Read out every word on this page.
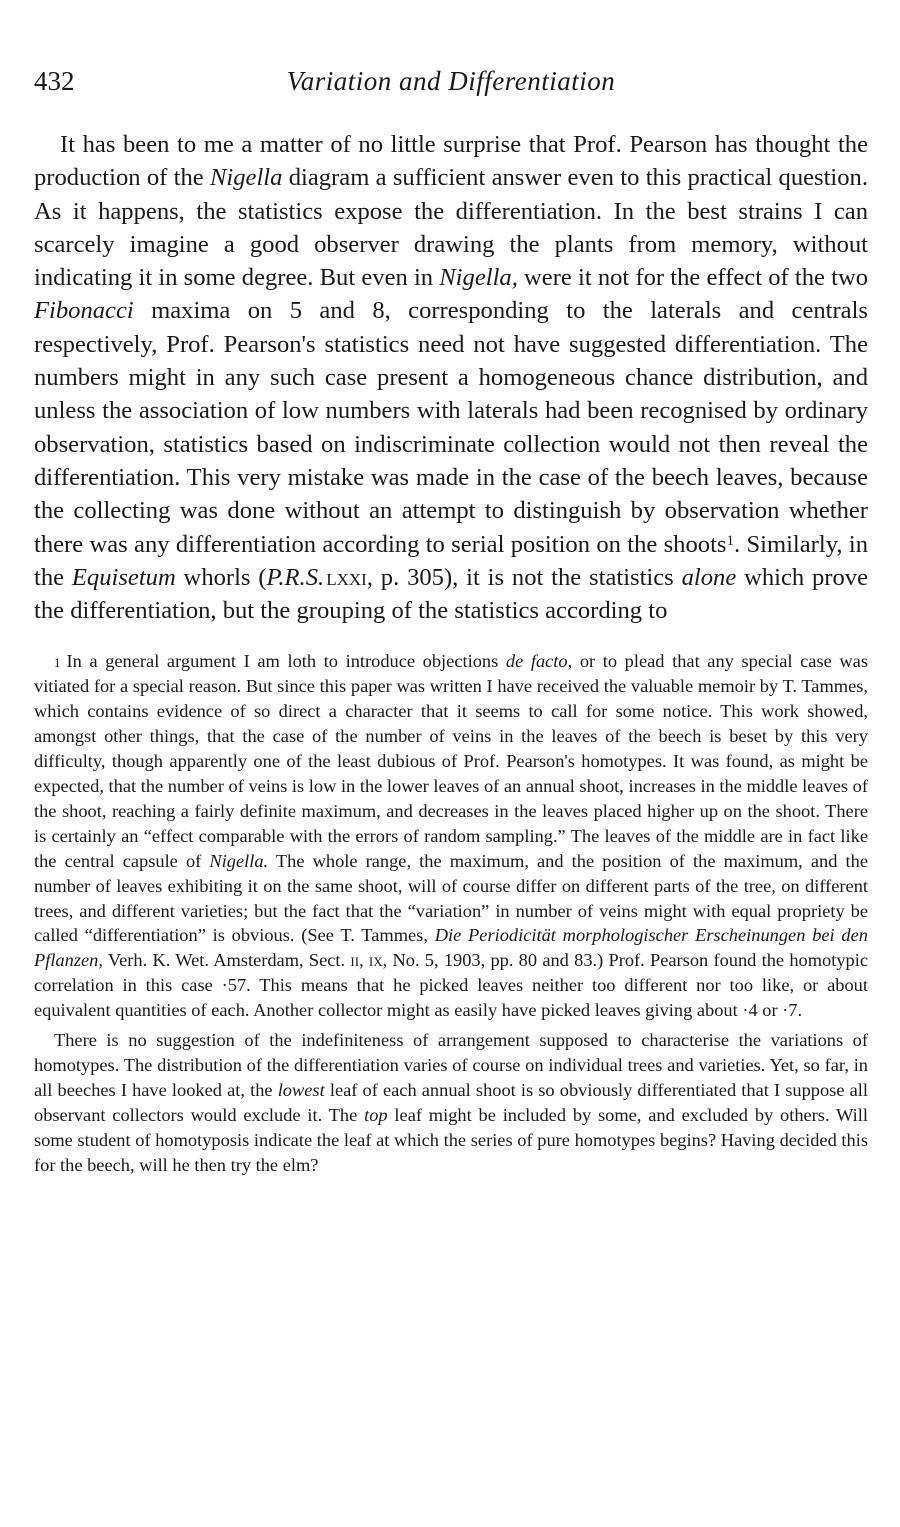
432	Variation and Differentiation

It has been to me a matter of no little surprise that Prof. Pearson has thought the production of the Nigella diagram a sufficient answer even to this practical question. As it happens, the statistics expose the differentiation. In the best strains I can scarcely imagine a good observer drawing the plants from memory, without indicating it in some degree. But even in Nigella, were it not for the effect of the two Fibonacci maxima on 5 and 8, corresponding to the laterals and centrals respectively, Prof. Pearson's statistics need not have suggested differentiation. The numbers might in any such case present a homogeneous chance distribution, and unless the association of low numbers with laterals had been recognised by ordinary observation, statistics based on indiscriminate collection would not then reveal the differentiation. This very mistake was made in the case of the beech leaves, because the collecting was done without an attempt to distinguish by observation whether there was any differentiation according to serial position on the shoots$^1$. Similarly, in the Equisetum whorls (P.R.S. lxxi, p. 305), it is not the statistics alone which prove the differentiation, but the grouping of the statistics according to

$^1$ In a general argument I am loth to introduce objections de facto, or to plead that any special case was vitiated for a special reason. But since this paper was written I have received the valuable memoir by T. Tammes, which contains evidence of so direct a character that it seems to call for some notice. This work showed, amongst other things, that the case of the number of veins in the leaves of the beech is beset by this very difficulty, though apparently one of the least dubious of Prof. Pearson's homotypes. It was found, as might be expected, that the number of veins is low in the lower leaves of an annual shoot, increases in the middle leaves of the shoot, reaching a fairly definite maximum, and decreases in the leaves placed higher up on the shoot. There is certainly an “effect comparable with the errors of random sampling.” The leaves of the middle are in fact like the central capsule of Nigella. The whole range, the maximum, and the position of the maximum, and the number of leaves exhibiting it on the same shoot, will of course differ on different parts of the tree, on different trees, and different varieties; but the fact that the “variation” in number of veins might with equal propriety be called “differentiation” is obvious. (See T. Tammes, Die Periodicität morphologischer Erscheinungen bei den Pflanzen, Verh. K. Wet. Amsterdam, Sect. ii, ix, No. 5, 1903, pp. 80 and 83.) Prof. Pearson found the homotypic correlation in this case ·57. This means that he picked leaves neither too different nor too like, or about equivalent quantities of each. Another collector might as easily have picked leaves giving about ·4 or ·7.

There is no suggestion of the indefiniteness of arrangement supposed to characterise the variations of homotypes. The distribution of the differentiation varies of course on individual trees and varieties. Yet, so far, in all beeches I have looked at, the lowest leaf of each annual shoot is so obviously differentiated that I suppose all observant collectors would exclude it. The top leaf might be included by some, and excluded by others. Will some student of homotyposis indicate the leaf at which the series of pure homotypes begins? Having decided this for the beech, will he then try the elm?
